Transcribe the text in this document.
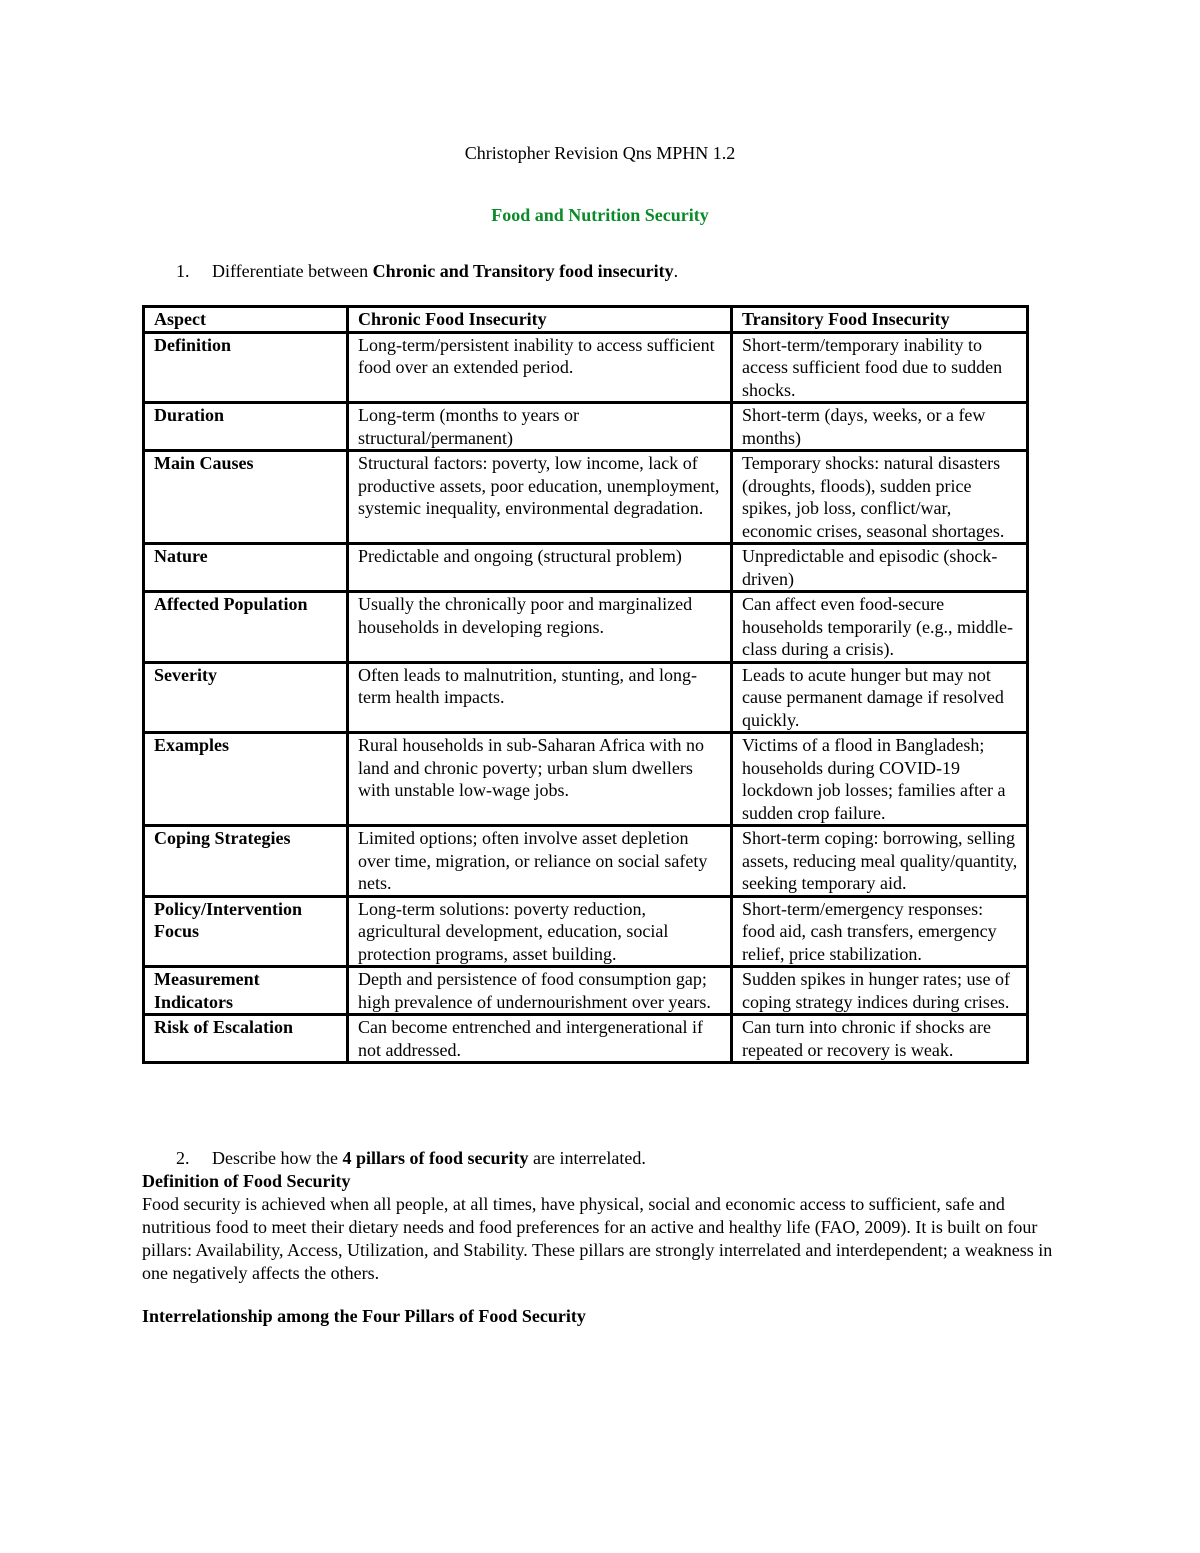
Christopher Revision Qns MPHN 1.2
Food and Nutrition Security
1. Differentiate between Chronic and Transitory food insecurity.
Aspect	Chronic Food Insecurity	Transitory Food Insecurity
Definition	Long-term/persistent inability to access sufficient food over an extended period.	Short-term/temporary inability to access sufficient food due to sudden shocks.
Duration	Long-term (months to years or structural/permanent)	Short-term (days, weeks, or a few months)
Main Causes	Structural factors: poverty, low income, lack of productive assets, poor education, unemployment, systemic inequality, environmental degradation.	Temporary shocks: natural disasters (droughts, floods), sudden price spikes, job loss, conflict/war, economic crises, seasonal shortages.
Nature	Predictable and ongoing (structural problem)	Unpredictable and episodic (shock-driven)
Affected Population	Usually the chronically poor and marginalized households in developing regions.	Can affect even food-secure households temporarily (e.g., middle-class during a crisis).
Severity	Often leads to malnutrition, stunting, and long-term health impacts.	Leads to acute hunger but may not cause permanent damage if resolved quickly.
Examples	Rural households in sub-Saharan Africa with no land and chronic poverty; urban slum dwellers with unstable low-wage jobs.	Victims of a flood in Bangladesh; households during COVID-19 lockdown job losses; families after a sudden crop failure.
Coping Strategies	Limited options; often involve asset depletion over time, migration, or reliance on social safety nets.	Short-term coping: borrowing, selling assets, reducing meal quality/quantity, seeking temporary aid.
Policy/Intervention Focus	Long-term solutions: poverty reduction, agricultural development, education, social protection programs, asset building.	Short-term/emergency responses: food aid, cash transfers, emergency relief, price stabilization.
Measurement Indicators	Depth and persistence of food consumption gap; high prevalence of undernourishment over years.	Sudden spikes in hunger rates; use of coping strategy indices during crises.
Risk of Escalation	Can become entrenched and intergenerational if not addressed.	Can turn into chronic if shocks are repeated or recovery is weak.
2. Describe how the 4 pillars of food security are interrelated.
Definition of Food Security

Food security is achieved when all people, at all times, have physical, social and economic access to sufficient, safe and nutritious food to meet their dietary needs and food preferences for an active and healthy life (FAO, 2009). It is built on four pillars: Availability, Access, Utilization, and Stability. These pillars are strongly interrelated and interdependent; a weakness in one negatively affects the others.

Interrelationship among the Four Pillars of Food Security
